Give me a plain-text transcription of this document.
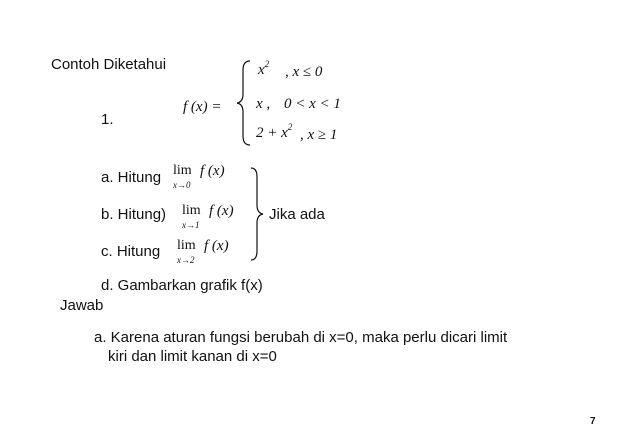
Contoh Diketahui
1.
f (x) =
$x^2$ , x ≤ 0
x , 0 < x < 1
$2 + x^2$ , x ≥ 1
a. Hitung lim
x→0
f (x)
b. Hitung) lim
x→1
f (x)
c. Hitung lim
x→2
f (x)
Jika ada
d. Gambarkan grafik f(x)
Jawab
a. Karena aturan fungsi berubah di x=0, maka perlu dicari limit
kiri dan limit kanan di x=0
7
